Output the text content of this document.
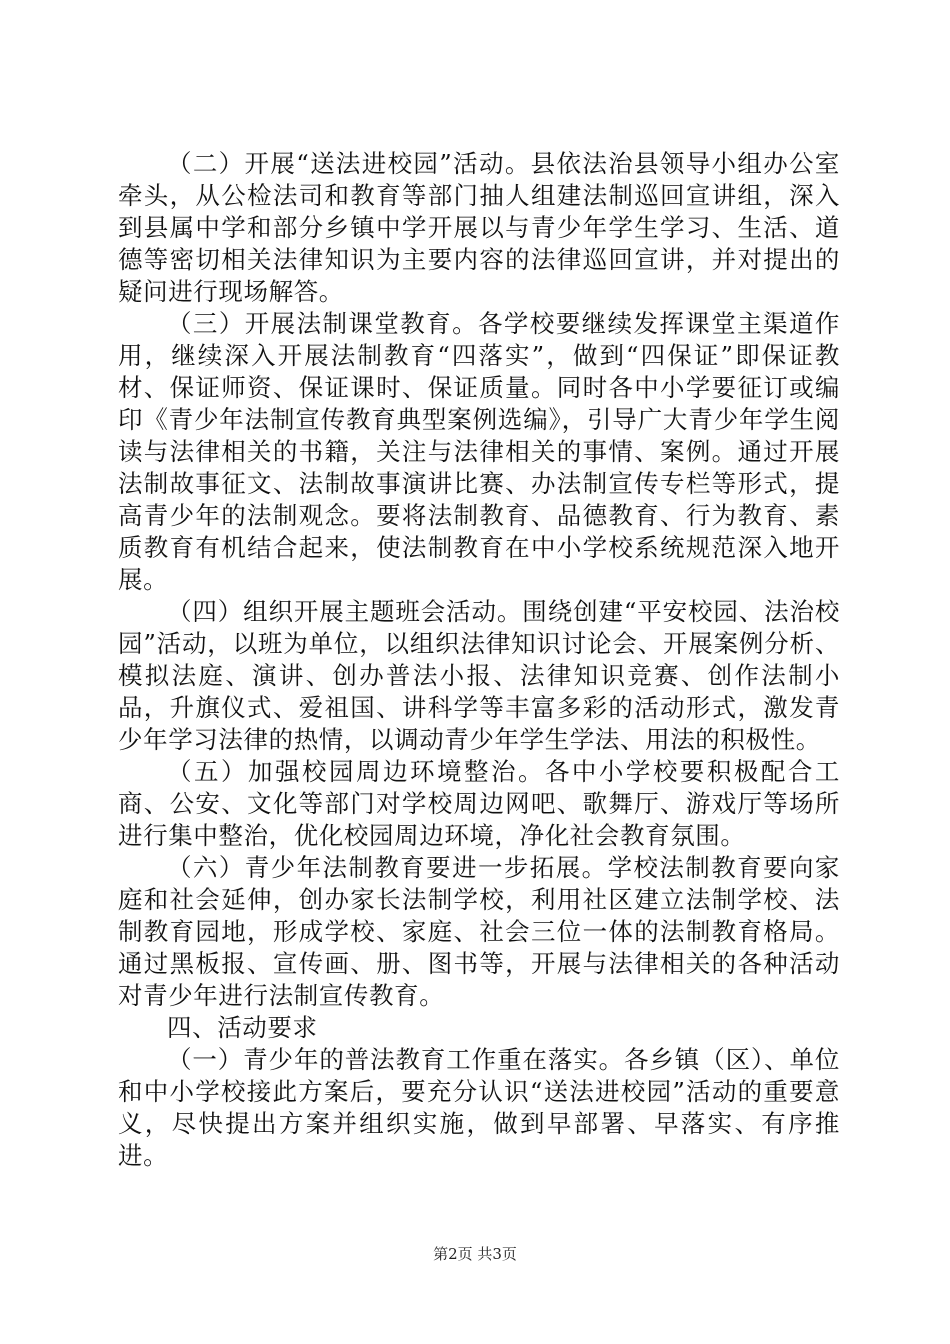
（二）开展“送法进校园”活动。县依法治县领导小组办公室牵头，从公检法司和教育等部门抽人组建法制巡回宣讲组，深入到县属中学和部分乡镇中学开展以与青少年学生学习、生活、道德等密切相关法律知识为主要内容的法律巡回宣讲，并对提出的疑问进行现场解答。

（三）开展法制课堂教育。各学校要继续发挥课堂主渠道作用，继续深入开展法制教育“四落实”，做到“四保证”即保证教材、保证师资、保证课时、保证质量。同时各中小学要征订或编印《青少年法制宣传教育典型案例选编》，引导广大青少年学生阅读与法律相关的书籍，关注与法律相关的事情、案例。通过开展法制故事征文、法制故事演讲比赛、办法制宣传专栏等形式，提高青少年的法制观念。要将法制教育、品德教育、行为教育、素质教育有机结合起来，使法制教育在中小学校系统规范深入地开展。

（四）组织开展主题班会活动。围绕创建“平安校园、法治校园”活动，以班为单位，以组织法律知识讨论会、开展案例分析、模拟法庭、演讲、创办普法小报、法律知识竞赛、创作法制小品，升旗仪式、爱祖国、讲科学等丰富多彩的活动形式，激发青少年学习法律的热情，以调动青少年学生学法、用法的积极性。

（五）加强校园周边环境整治。各中小学校要积极配合工商、公安、文化等部门对学校周边网吧、歌舞厅、游戏厅等场所进行集中整治，优化校园周边环境，净化社会教育氛围。

（六）青少年法制教育要进一步拓展。学校法制教育要向家庭和社会延伸，创办家长法制学校，利用社区建立法制学校、法制教育园地，形成学校、家庭、社会三位一体的法制教育格局。通过黑板报、宣传画、册、图书等，开展与法律相关的各种活动对青少年进行法制宣传教育。

四、活动要求

（一）青少年的普法教育工作重在落实。各乡镇（区）、单位和中小学校接此方案后，要充分认识“送法进校园”活动的重要意义，尽快提出方案并组织实施，做到早部署、早落实、有序推进。

第2页 共3页
